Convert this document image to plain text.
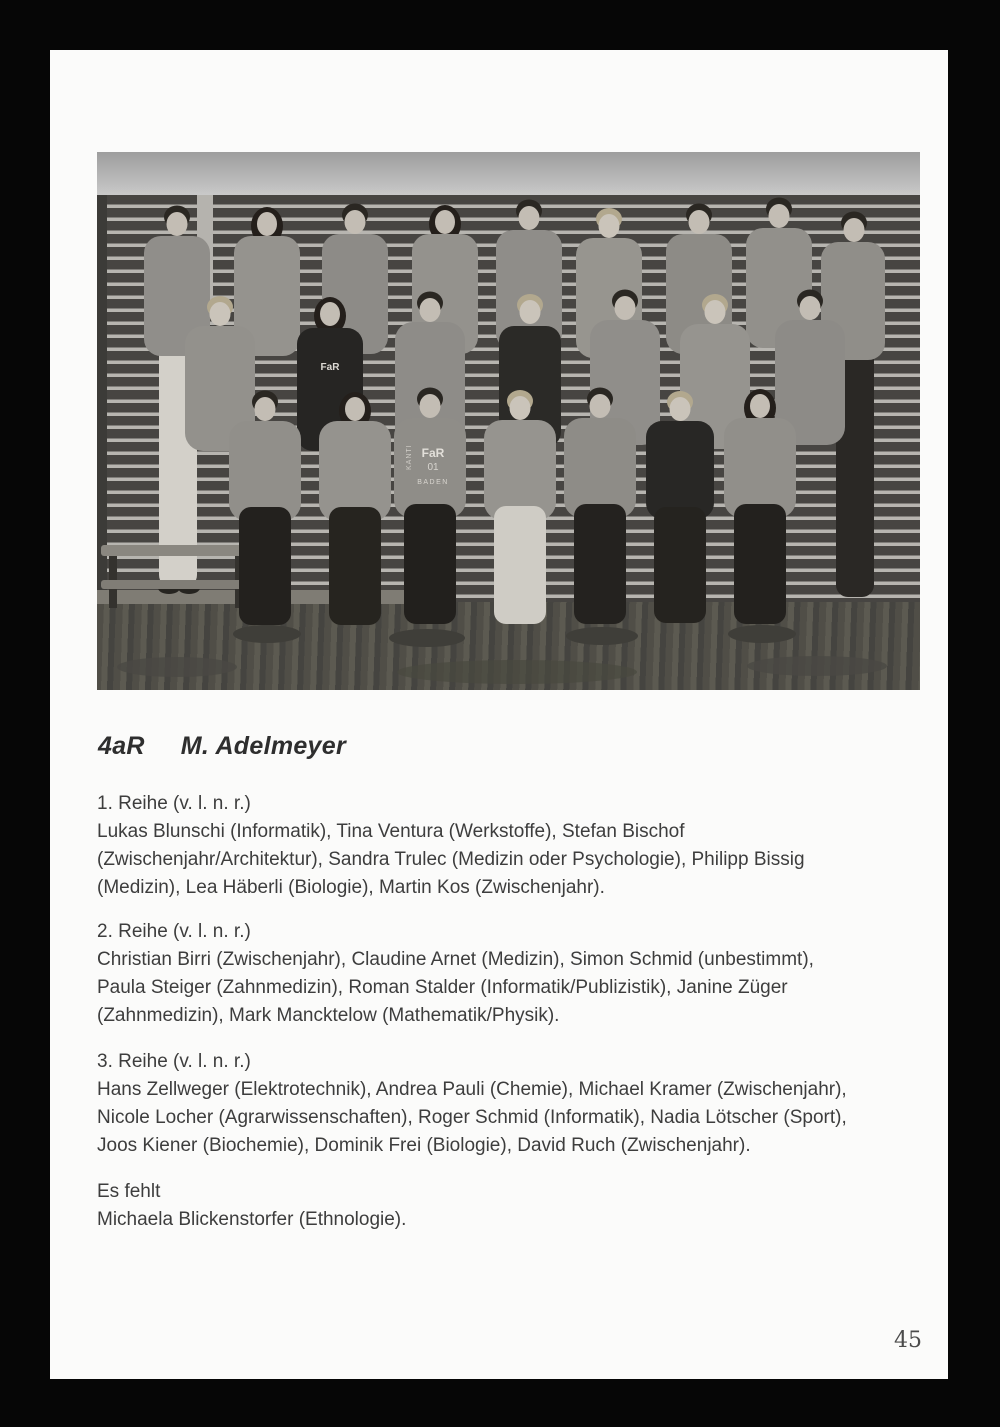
FaR
FaR
01
BADEN
KANTI
4aR M. Adelmeyer
1. Reihe (v. l. n. r.)
Lukas Blunschi (Informatik), Tina Ventura (Werkstoffe), Stefan Bischof
(Zwischenjahr/Architektur), Sandra Trulec (Medizin oder Psychologie), Philipp Bissig
(Medizin), Lea Häberli (Biologie), Martin Kos (Zwischenjahr).
2. Reihe (v. l. n. r.)
Christian Birri (Zwischenjahr), Claudine Arnet (Medizin), Simon Schmid (unbestimmt),
Paula Steiger (Zahnmedizin), Roman Stalder (Informatik/Publizistik), Janine Züger
(Zahnmedizin), Mark Mancktelow (Mathematik/Physik).
3. Reihe (v. l. n. r.)
Hans Zellweger (Elektrotechnik), Andrea Pauli (Chemie), Michael Kramer (Zwischenjahr),
Nicole Locher (Agrarwissenschaften), Roger Schmid (Informatik), Nadia Lötscher (Sport),
Joos Kiener (Biochemie), Dominik Frei (Biologie), David Ruch (Zwischenjahr).
Es fehlt
Michaela Blickenstorfer (Ethnologie).
45
